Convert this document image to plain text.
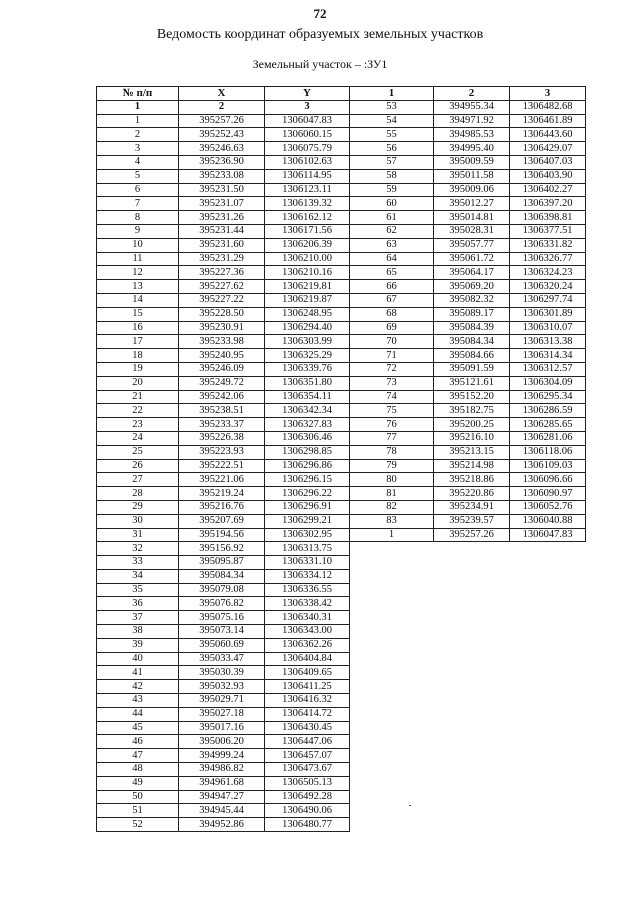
72
Ведомость координат образуемых земельных участков
Земельный участок – :ЗУ1
№ п/п	X	Y
1	2	3
1	395257.26	1306047.83
2	395252.43	1306060.15
3	395246.63	1306075.79
4	395236.90	1306102.63
5	395233.08	1306114.95
6	395231.50	1306123.11
7	395231.07	1306139.32
8	395231.26	1306162.12
9	395231.44	1306171.56
10	395231.60	1306206.39
11	395231.29	1306210.00
12	395227.36	1306210.16
13	395227.62	1306219.81
14	395227.22	1306219.87
15	395228.50	1306248.95
16	395230.91	1306294.40
17	395233.98	1306303.99
18	395240.95	1306325.29
19	395246.09	1306339.76
20	395249.72	1306351.80
21	395242.06	1306354.11
22	395238.51	1306342.34
23	395233.37	1306327.83
24	395226.38	1306306.46
25	395223.93	1306298.85
26	395222.51	1306296.86
27	395221.06	1306296.15
28	395219.24	1306296.22
29	395216.76	1306296.91
30	395207.69	1306299.21
31	395194.56	1306302.95
32	395156.92	1306313.75
33	395095.87	1306331.10
34	395084.34	1306334.12
35	395079.08	1306336.55
36	395076.82	1306338.42
37	395075.16	1306340.31
38	395073.14	1306343.00
39	395060.69	1306362.26
40	395033.47	1306404.84
41	395030.39	1306409.65
42	395032.93	1306411.25
43	395029.71	1306416.32
44	395027.18	1306414.72
45	395017.16	1306430.45
46	395006.20	1306447.06
47	394999.24	1306457.07
48	394986.82	1306473.67
49	394961.68	1306505.13
50	394947.27	1306492.28
51	394945.44	1306490.06
52	394952.86	1306480.77
1	2	3
53	394955.34	1306482.68
54	394971.92	1306461.89
55	394985.53	1306443.60
56	394995.40	1306429.07
57	395009.59	1306407.03
58	395011.58	1306403.90
59	395009.06	1306402.27
60	395012.27	1306397.20
61	395014.81	1306398.81
62	395028.31	1306377.51
63	395057.77	1306331.82
64	395061.72	1306326.77
65	395064.17	1306324.23
66	395069.20	1306320.24
67	395082.32	1306297.74
68	395089.17	1306301.89
69	395084.39	1306310.07
70	395084.34	1306313.38
71	395084.66	1306314.34
72	395091.59	1306312.57
73	395121.61	1306304.09
74	395152.20	1306295.34
75	395182.75	1306286.59
76	395200.25	1306285.65
77	395216.10	1306281.06
78	395213.15	1306118.06
79	395214.98	1306109.03
80	395218.86	1306096.66
81	395220.86	1306090.97
82	395234.91	1306052.76
83	395239.57	1306040.88
1	395257.26	1306047.83
